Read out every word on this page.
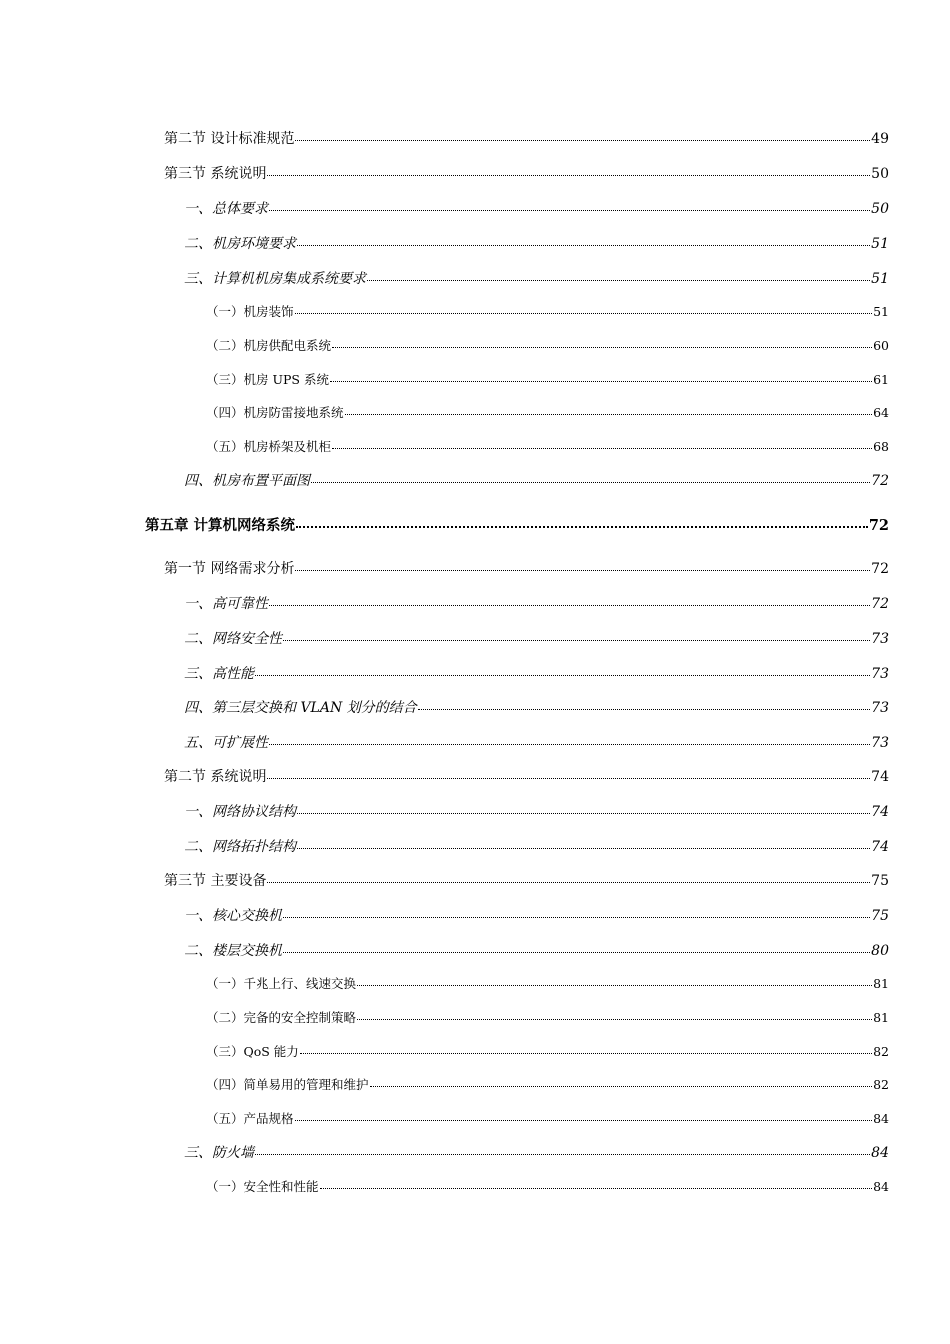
第二节 设计标准规范	49
第三节 系统说明	50
一、总体要求	50
二、机房环境要求	51
三、计算机机房集成系统要求	51
（一）机房装饰	51
（二）机房供配电系统	60
（三）机房 UPS 系统	61
（四）机房防雷接地系统	64
（五）机房桥架及机柜	68
四、机房布置平面图	72
第五章 计算机网络系统	72
第一节 网络需求分析	72
一、高可靠性	72
二、网络安全性	73
三、高性能	73
四、第三层交换和 VLAN 划分的结合	73
五、可扩展性	73
第二节 系统说明	74
一、网络协议结构	74
二、网络拓扑结构	74
第三节 主要设备	75
一、核心交换机	75
二、楼层交换机	80
（一）千兆上行、线速交换	81
（二）完备的安全控制策略	81
（三）QoS 能力	82
（四）简单易用的管理和维护	82
（五）产品规格	84
三、防火墙	84
（一）安全性和性能	84
